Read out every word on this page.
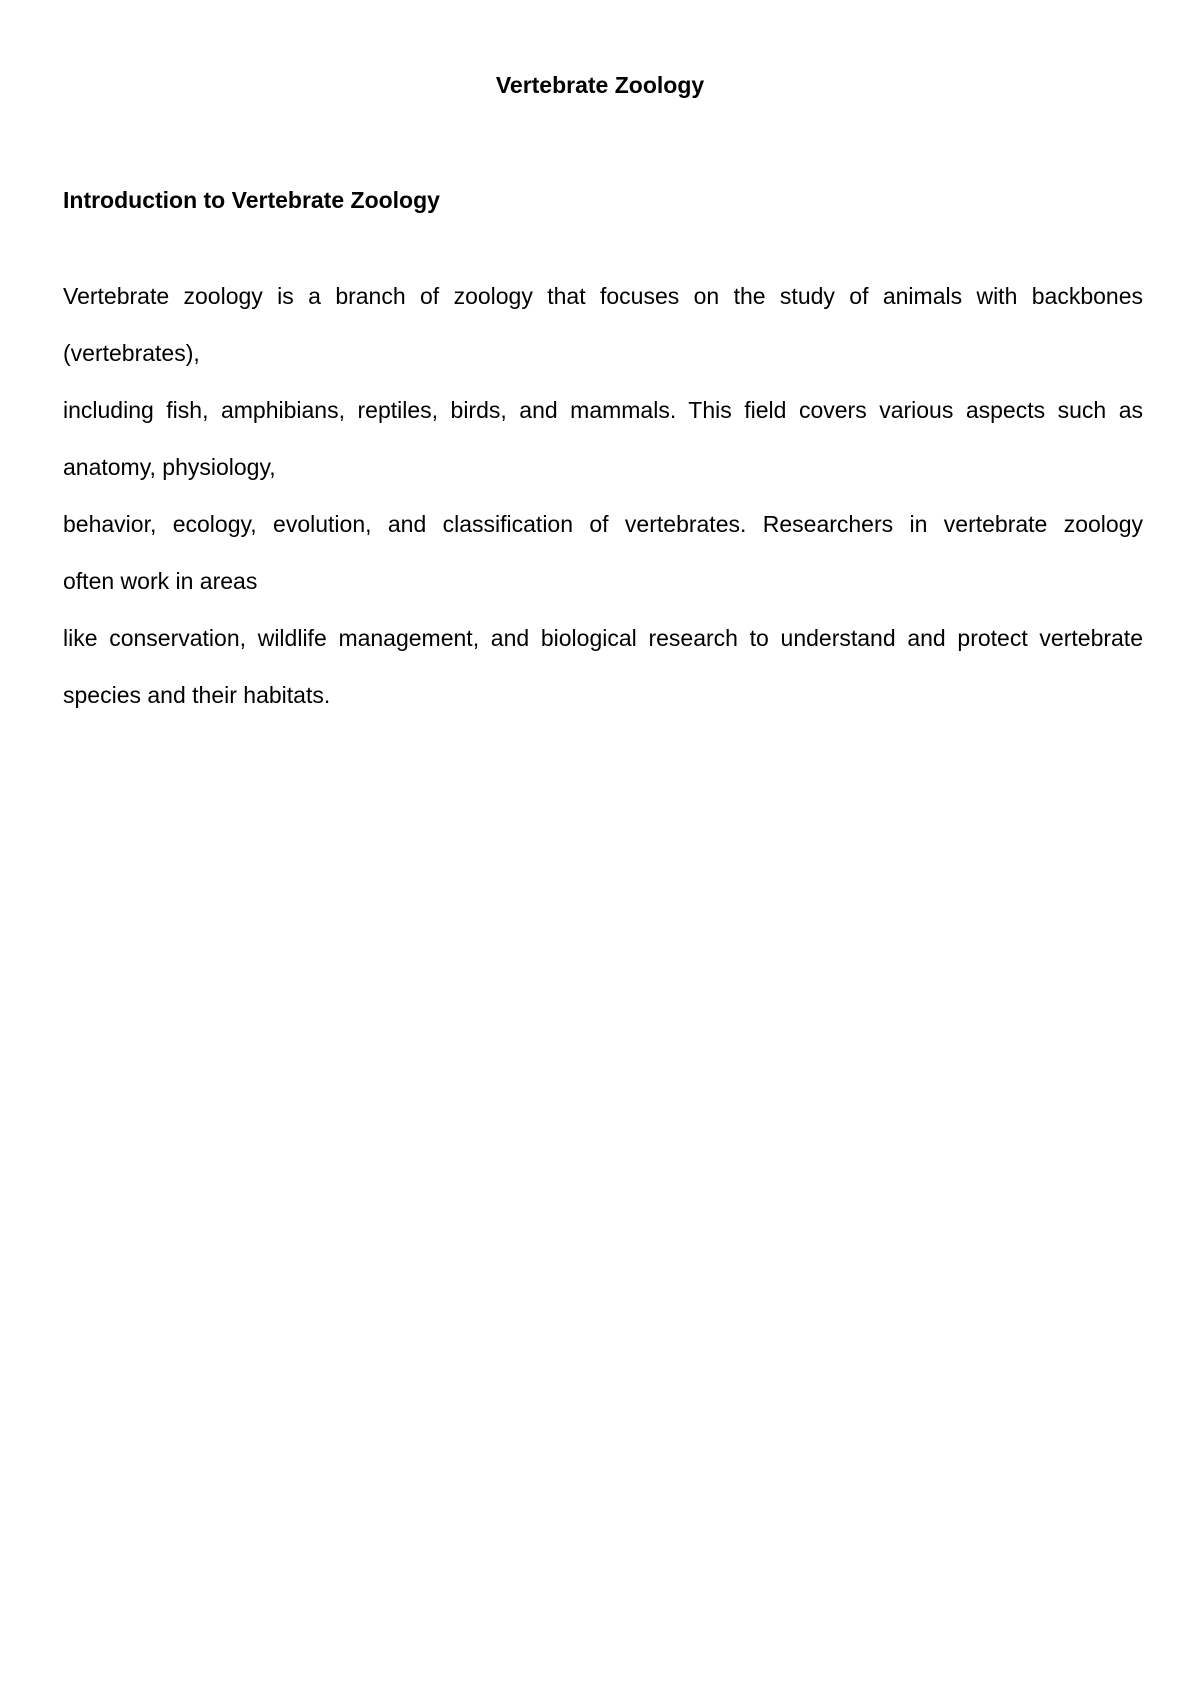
Vertebrate Zoology
Introduction to Vertebrate Zoology
Vertebrate zoology is a branch of zoology that focuses on the study of animals with backbones
(vertebrates),
including fish, amphibians, reptiles, birds, and mammals. This field covers various aspects such as
anatomy, physiology,
behavior, ecology, evolution, and classification of vertebrates. Researchers in vertebrate zoology
often work in areas
like conservation, wildlife management, and biological research to understand and protect vertebrate
species and their habitats.
